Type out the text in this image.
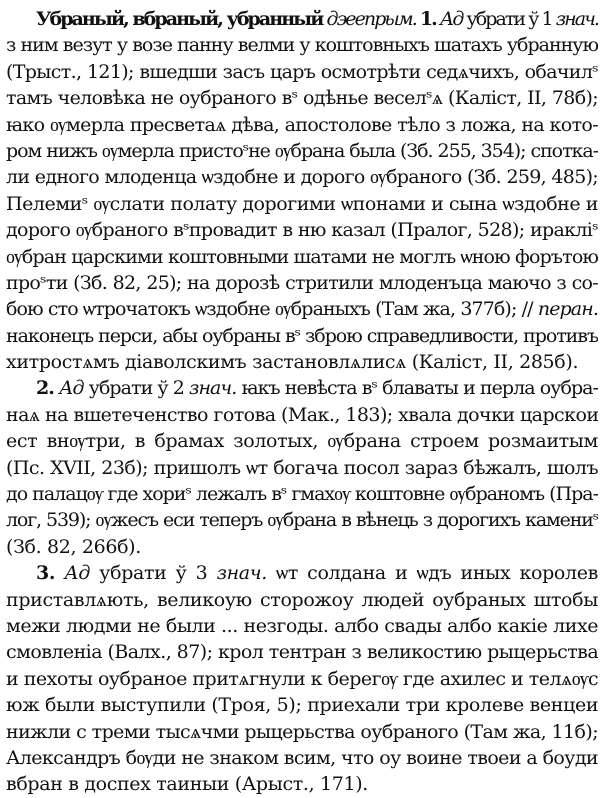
Убраный, вбраный, убранный дэеепрым. 1. Ад убрати ў 1 знач.
з ним везут у возе панну велми у коштовныхъ шатахъ убранную
(Трыст., 121); вшедши засъ царъ осмотрѣти седѧчихъ, обачилˢ
тамъ человѣка не оубраного вˢ одѣнье веселˢѧ (Каліст, II, 78б);
ꙗко ѹмерла пресветаѧ дѣва, апостолове тѣло з ложа, на кото-
ром нижъ ѹмерла пристоˢне ѹбрана была (Зб. 255, 354); спотка-
ли едного млоденца ѡздобне и дорого ѹбраного (Зб. 259, 485);
Пелемиˢ ѹслати полату дорогими ѡпонами и сына ѡздобне и
дорого ѹбраного вˢпровадит в ню казал (Пралог, 528); иракліˢ
ѹбран царскими коштовными шатами не моглъ ѡною форътою
проˢти (Зб. 82, 25); на дорозѣ стритили млоденъца маючо з со-
бою сто ѡтрочатокъ ѡздобне ѹбраныхъ (Там жа, 377б); // перан.
наконецъ перси, абы оубраны вˢ зброю справедливости, противъ
хитростѧмъ діаволскимъ застановлѧлисѧ (Каліст, II, 285б).
2. Ад убрати ў 2 знач. ꙗкъ невѣста вˢ блаваты и перла оубра-
наѧ на вшетеченство готова (Мак., 183); хвала дочки царскои
ест внѹтри, в брамах золотых, ѹбрана строем розмаитым
(Пс. XVII, 23б); пришолъ ѡт богача посол зараз бѣжалъ, шолъ
до палацѹ где хориˢ лежалъ вˢ гмахѹ коштовне ѹбраномъ (Пра-
лог, 539); ѹжесъ еси теперъ ѹбрана в вѣнець з дорогихъ камениˢ
(Зб. 82, 266б).
3. Ад убрати ў 3 знач. ѡт солдана и ѡдъ иных королев
приставлѧють, великоую сторожоу людей оубраных штобы
межи людми не были ... незгоды. албо свады албо какіе лихе
смовленіа (Валх., 87); крол тентран з великостию рыцерьства
и пехоты оубраное притѧгнули к берегѹ где ахилес и телѧѹс
юж были выступили (Троя, 5); приехали три кролеве венцеи
нижли с треми тысѧчми рыцерьства оубраного (Там жа, 11б);
Александръ бѹди не знаком всим, что оу воине твоеи а боуди
вбран в доспех таиныи (Арыст., 171).
